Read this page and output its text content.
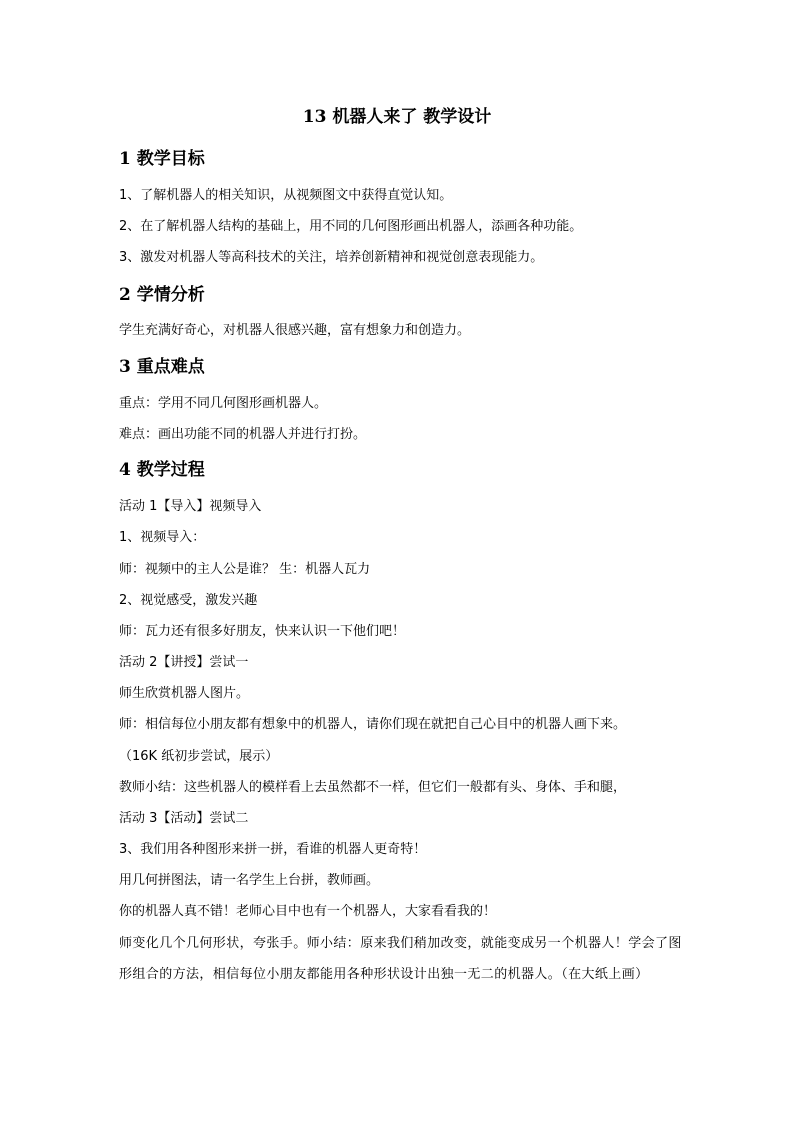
13 机器人来了 教学设计
1 教学目标
1、了解机器人的相关知识，从视频图文中获得直觉认知。
2、在了解机器人结构的基础上，用不同的几何图形画出机器人，添画各种功能。
3、激发对机器人等高科技术的关注，培养创新精神和视觉创意表现能力。
2 学情分析
学生充满好奇心，对机器人很感兴趣，富有想象力和创造力。
3 重点难点
重点：学用不同几何图形画机器人。
难点：画出功能不同的机器人并进行打扮。
4 教学过程
活动 1【导入】视频导入
1、视频导入：
师：视频中的主人公是谁？ 生：机器人瓦力
2、视觉感受，激发兴趣
师：瓦力还有很多好朋友，快来认识一下他们吧！
活动 2【讲授】尝试一
师生欣赏机器人图片。
师：相信每位小朋友都有想象中的机器人，请你们现在就把自己心目中的机器人画下来。
（16K 纸初步尝试，展示）
教师小结：这些机器人的模样看上去虽然都不一样，但它们一般都有头、身体、手和腿，
活动 3【活动】尝试二
3、我们用各种图形来拼一拼，看谁的机器人更奇特！
用几何拼图法，请一名学生上台拼，教师画。
你的机器人真不错！老师心目中也有一个机器人，大家看看我的！
师变化几个几何形状，夸张手。师小结：原来我们稍加改变，就能变成另一个机器人！学会了图形组合的方法，相信每位小朋友都能用各种形状设计出独一无二的机器人。（在大纸上画）
